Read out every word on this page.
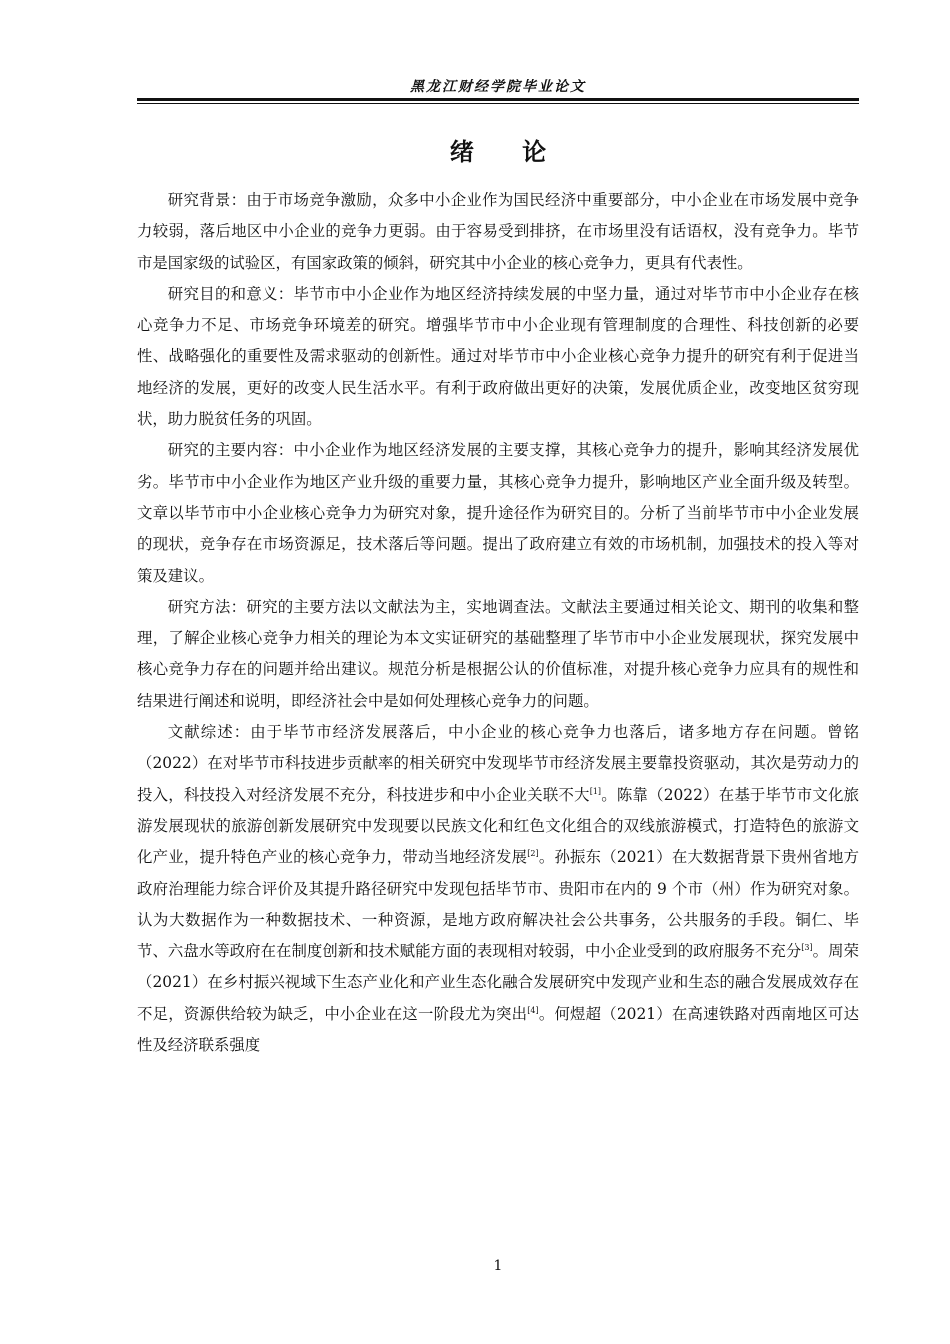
黑龙江财经学院毕业论文
绪 论

研究背景：由于市场竞争激励，众多中小企业作为国民经济中重要部分，中小企业在市场发展中竞争力较弱，落后地区中小企业的竞争力更弱。由于容易受到排挤，在市场里没有话语权，没有竞争力。毕节市是国家级的试验区，有国家政策的倾斜，研究其中小企业的核心竞争力，更具有代表性。

研究目的和意义：毕节市中小企业作为地区经济持续发展的中坚力量，通过对毕节市中小企业存在核心竞争力不足、市场竞争环境差的研究。增强毕节市中小企业现有管理制度的合理性、科技创新的必要性、战略强化的重要性及需求驱动的创新性。通过对毕节市中小企业核心竞争力提升的研究有利于促进当地经济的发展，更好的改变人民生活水平。有利于政府做出更好的决策，发展优质企业，改变地区贫穷现状，助力脱贫任务的巩固。

研究的主要内容：中小企业作为地区经济发展的主要支撑，其核心竞争力的提升，影响其经济发展优劣。毕节市中小企业作为地区产业升级的重要力量，其核心竞争力提升，影响地区产业全面升级及转型。文章以毕节市中小企业核心竞争力为研究对象，提升途径作为研究目的。分析了当前毕节市中小企业发展的现状，竞争存在市场资源足，技术落后等问题。提出了政府建立有效的市场机制，加强技术的投入等对策及建议。

研究方法：研究的主要方法以文献法为主，实地调查法。文献法主要通过相关论文、期刊的收集和整理，了解企业核心竞争力相关的理论为本文实证研究的基础整理了毕节市中小企业发展现状，探究发展中核心竞争力存在的问题并给出建议。规范分析是根据公认的价值标准，对提升核心竞争力应具有的规性和结果进行阐述和说明，即经济社会中是如何处理核心竞争力的问题。

文献综述：由于毕节市经济发展落后，中小企业的核心竞争力也落后，诸多地方存在问题。曾铭（2022）在对毕节市科技进步贡献率的相关研究中发现毕节市经济发展主要靠投资驱动，其次是劳动力的投入，科技投入对经济发展不充分，科技进步和中小企业关联不大[1]。陈靠（2022）在基于毕节市文化旅游发展现状的旅游创新发展研究中发现要以民族文化和红色文化组合的双线旅游模式，打造特色的旅游文化产业，提升特色产业的核心竞争力，带动当地经济发展[2]。孙振东（2021）在大数据背景下贵州省地方政府治理能力综合评价及其提升路径研究中发现包括毕节市、贵阳市在内的 9 个市（州）作为研究对象。认为大数据作为一种数据技术、一种资源，是地方政府解决社会公共事务，公共服务的手段。铜仁、毕节、六盘水等政府在在制度创新和技术赋能方面的表现相对较弱，中小企业受到的政府服务不充分[3]。周荣（2021）在乡村振兴视域下生态产业化和产业生态化融合发展研究中发现产业和生态的融合发展成效存在不足，资源供给较为缺乏，中小企业在这一阶段尤为突出[4]。何煜超（2021）在高速铁路对西南地区可达性及经济联系强度

1
